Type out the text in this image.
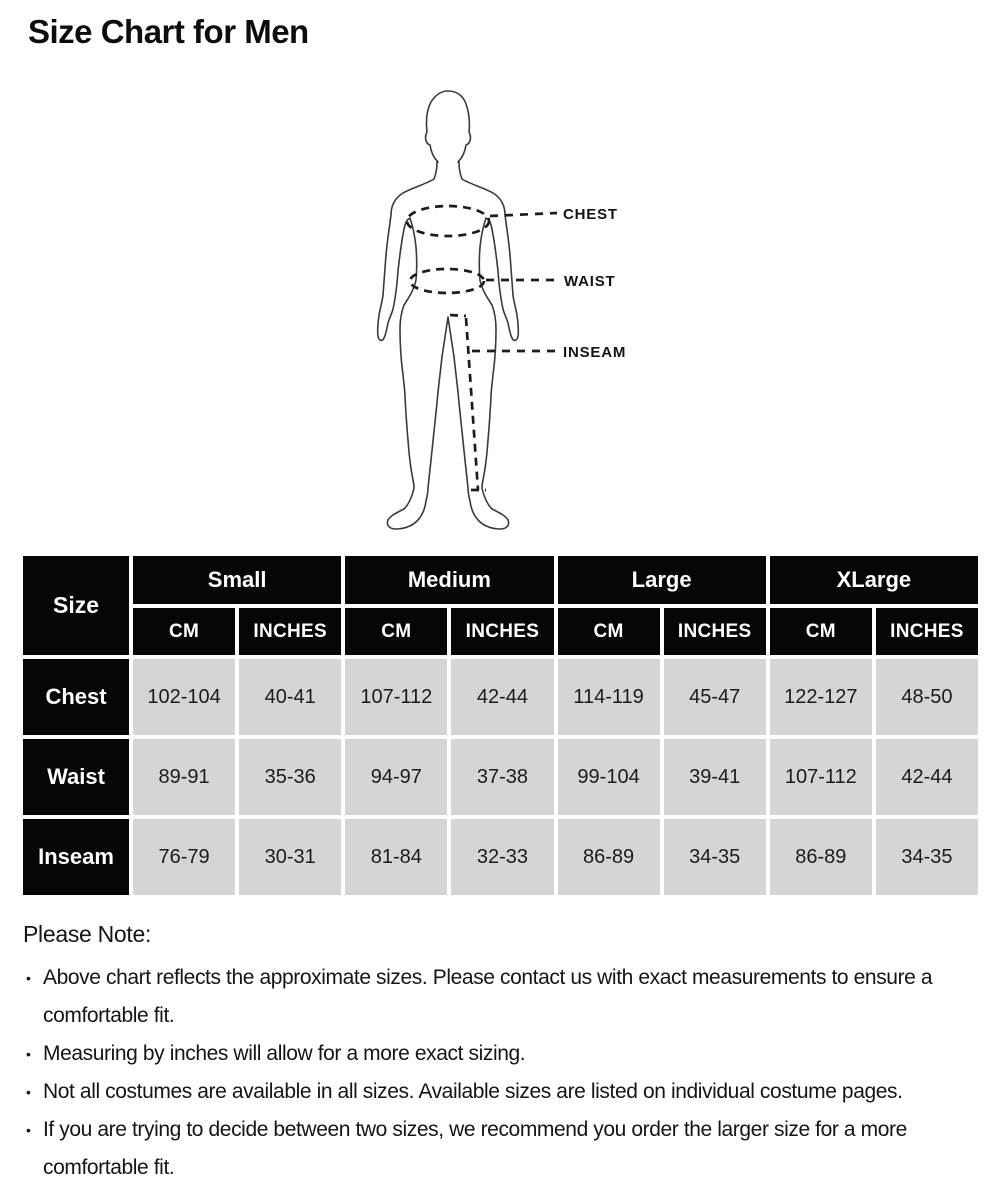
Size Chart for Men
CHEST
WAIST
INSEAM
Size
Small	Medium	Large	XLarge
CM	INCHES	CM	INCHES	CM	INCHES	CM	INCHES
Chest	102-104	40-41	107-112	42-44	114-119	45-47	122-127	48-50
Waist	89-91	35-36	94-97	37-38	99-104	39-41	107-112	42-44
Inseam	76-79	30-31	81-84	32-33	86-89	34-35	86-89	34-35
Please Note:
• Above chart reflects the approximate sizes. Please contact us with exact measurements to ensure a comfortable fit.
• Measuring by inches will allow for a more exact sizing.
• Not all costumes are available in all sizes. Available sizes are listed on individual costume pages.
• If you are trying to decide between two sizes, we recommend you order the larger size for a more comfortable fit.
